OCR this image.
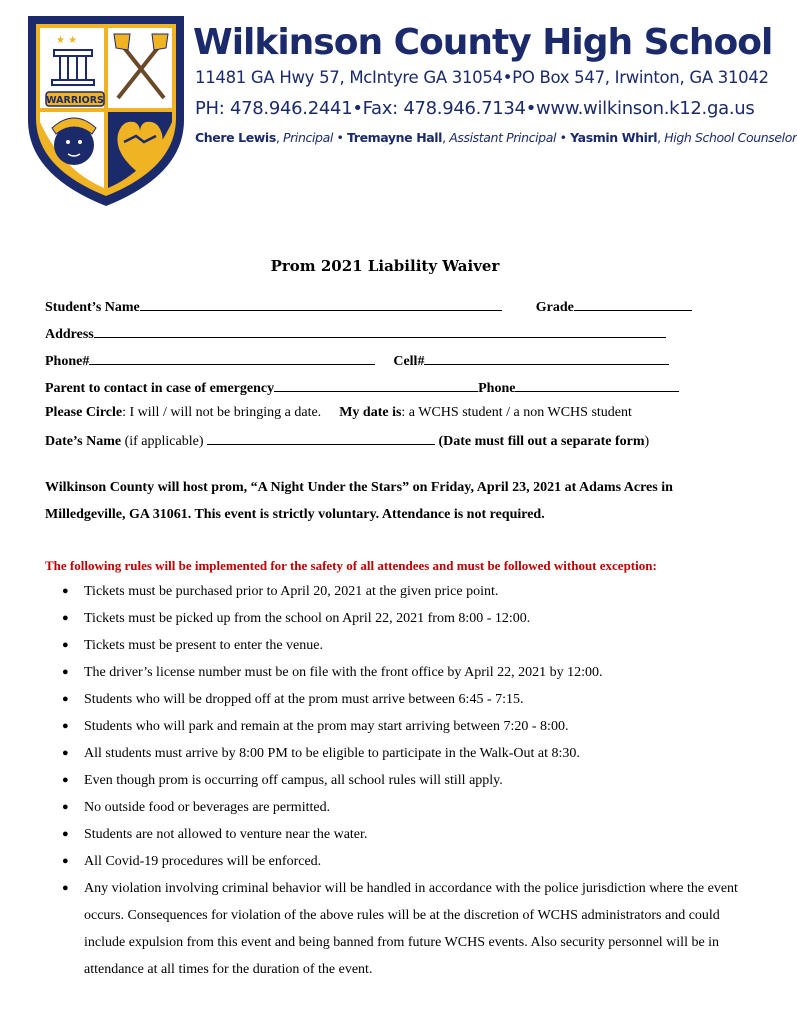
★ ★
WARRIORS
Wilkinson County High School
11481 GA Hwy 57, McIntyre GA 31054•PO Box 547, Irwinton, GA 31042
PH: 478.946.2441•Fax: 478.946.7134•www.wilkinson.k12.ga.us
Chere Lewis, Principal • Tremayne Hall, Assistant Principal • Yasmin Whirl, High School Counselor
Prom 2021 Liability Waiver
Student’s Name	Grade
Address
Phone#	Cell#
Parent to contact in case of emergency	Phone
Please Circle: I will / will not be bringing a date. My date is: a WCHS student / a non WCHS student
Date’s Name (if applicable)	(Date must fill out a separate form)
Wilkinson County will host prom, “A Night Under the Stars” on Friday, April 23, 2021 at Adams Acres in Milledgeville, GA 31061. This event is strictly voluntary. Attendance is not required.
The following rules will be implemented for the safety of all attendees and must be followed without exception:
● Tickets must be purchased prior to April 20, 2021 at the given price point.
● Tickets must be picked up from the school on April 22, 2021 from 8:00 - 12:00.
● Tickets must be present to enter the venue.
● The driver’s license number must be on file with the front office by April 22, 2021 by 12:00.
● Students who will be dropped off at the prom must arrive between 6:45 - 7:15.
● Students who will park and remain at the prom may start arriving between 7:20 - 8:00.
● All students must arrive by 8:00 PM to be eligible to participate in the Walk-Out at 8:30.
● Even though prom is occurring off campus, all school rules will still apply.
● No outside food or beverages are permitted.
● Students are not allowed to venture near the water.
● All Covid-19 procedures will be enforced.
● Any violation involving criminal behavior will be handled in accordance with the police jurisdiction where the event occurs. Consequences for violation of the above rules will be at the discretion of WCHS administrators and could include expulsion from this event and being banned from future WCHS events. Also security personnel will be in attendance at all times for the duration of the event.
